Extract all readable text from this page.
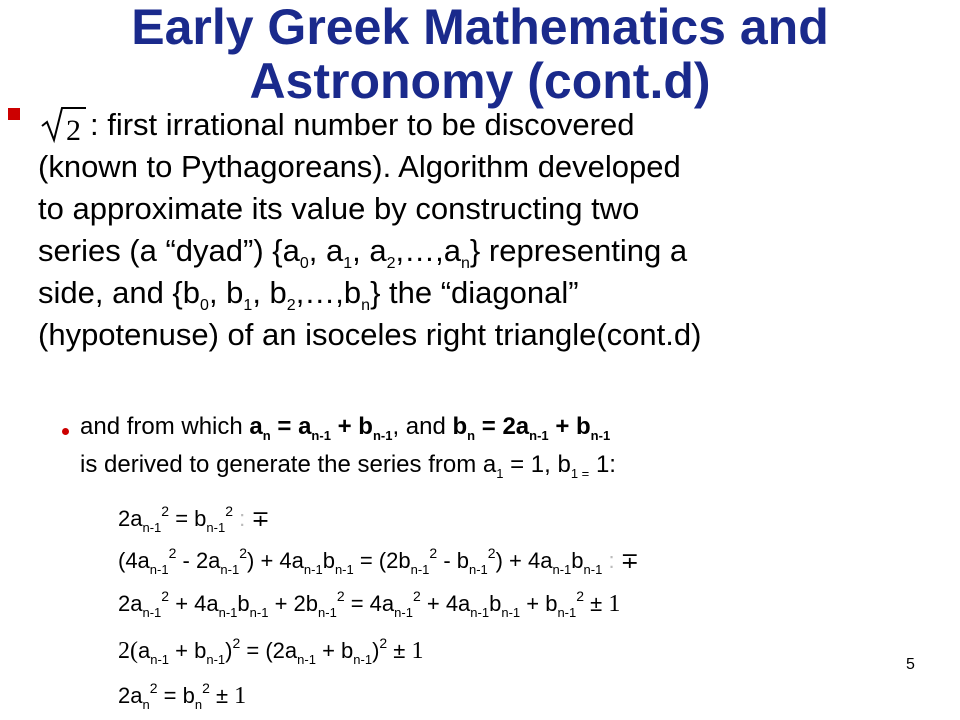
Early Greek Mathematics and
Astronomy (cont.d)
2 : first irrational number to be discovered
(known to Pythagoreans). Algorithm developed
to approximate its value by constructing two
series (a “dyad”) {$a_0$, $a_1$, $a_2,\dots,a_n$} representing a
side, and {$b_0$, $b_1$, $b_2,\dots,b_n$} the “diagonal”
(hypotenuse) of an isoceles right triangle(cont.d)
and from which $a_n = a_{n-1} + b_{n-1}$, and $b_n = 2a_{n-1} + b_{n-1}$
is derived to generate the series from $a_1 = 1$, $b_{1 =}$ 1:
$2a_{n-1}^2 = b_{n-1}^2$ : ∓
$(4a_{n-1}^2 - 2a_{n-1}^2) + 4a_{n-1}b_{n-1} = (2b_{n-1}^2 - b_{n-1}^2) + 4a_{n-1}b_{n-1}$ : ∓
$2a_{n-1}^2 + 4a_{n-1}b_{n-1} + 2b_{n-1}^2 = 4a_{n-1}^2 + 4a_{n-1}b_{n-1} + b_{n-1}^2 \pm 1$
$2(a_{n-1} + b_{n-1})^2 = (2a_{n-1} + b_{n-1})^2 \pm 1$
$2a_n^2 = b_n^2 \pm 1$
5
